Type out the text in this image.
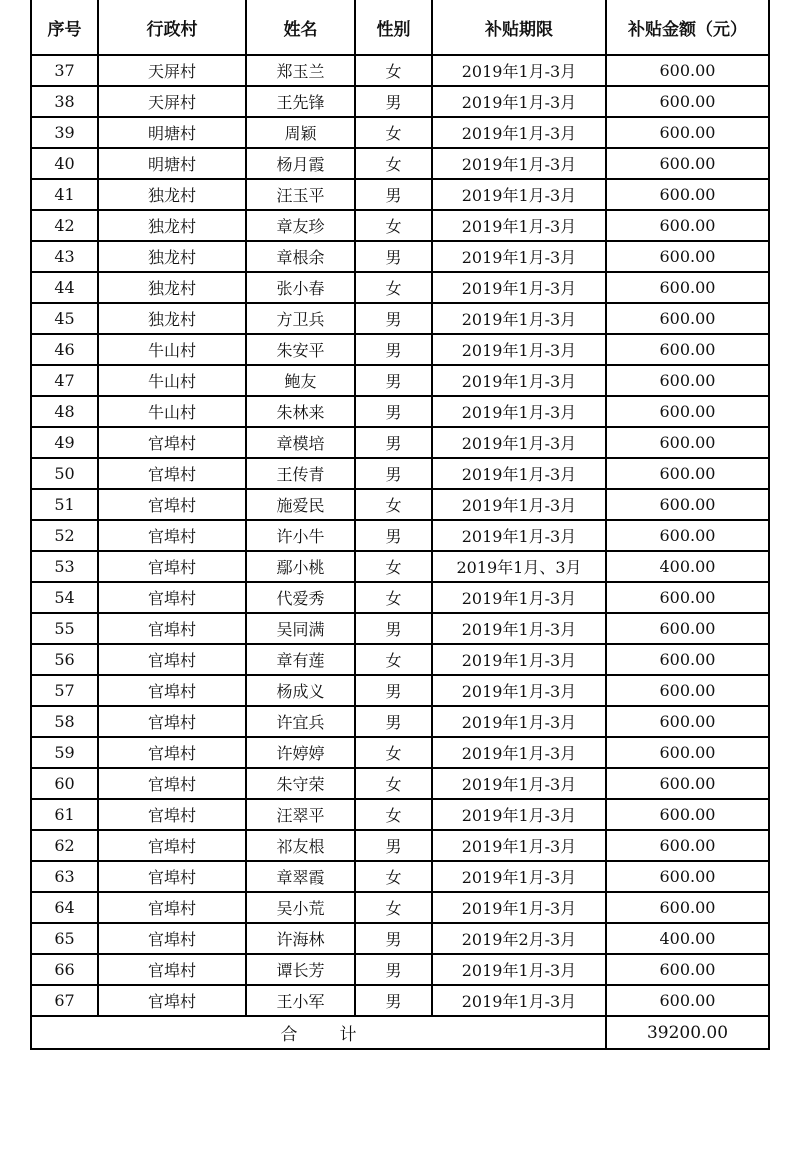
序号	行政村	姓名	性别	补贴期限	补贴金额（元）
37	天屏村	郑玉兰	女	2019年1月-3月	600.00
38	天屏村	王先锋	男	2019年1月-3月	600.00
39	明塘村	周颖	女	2019年1月-3月	600.00
40	明塘村	杨月霞	女	2019年1月-3月	600.00
41	独龙村	汪玉平	男	2019年1月-3月	600.00
42	独龙村	章友珍	女	2019年1月-3月	600.00
43	独龙村	章根余	男	2019年1月-3月	600.00
44	独龙村	张小春	女	2019年1月-3月	600.00
45	独龙村	方卫兵	男	2019年1月-3月	600.00
46	牛山村	朱安平	男	2019年1月-3月	600.00
47	牛山村	鲍友	男	2019年1月-3月	600.00
48	牛山村	朱林来	男	2019年1月-3月	600.00
49	官埠村	章模培	男	2019年1月-3月	600.00
50	官埠村	王传青	男	2019年1月-3月	600.00
51	官埠村	施爱民	女	2019年1月-3月	600.00
52	官埠村	许小牛	男	2019年1月-3月	600.00
53	官埠村	鄢小桃	女	2019年1月、3月	400.00
54	官埠村	代爱秀	女	2019年1月-3月	600.00
55	官埠村	吴同满	男	2019年1月-3月	600.00
56	官埠村	章有莲	女	2019年1月-3月	600.00
57	官埠村	杨成义	男	2019年1月-3月	600.00
58	官埠村	许宜兵	男	2019年1月-3月	600.00
59	官埠村	许婷婷	女	2019年1月-3月	600.00
60	官埠村	朱守荣	女	2019年1月-3月	600.00
61	官埠村	汪翠平	女	2019年1月-3月	600.00
62	官埠村	祁友根	男	2019年1月-3月	600.00
63	官埠村	章翠霞	女	2019年1月-3月	600.00
64	官埠村	吴小荒	女	2019年1月-3月	600.00
65	官埠村	许海林	男	2019年2月-3月	400.00
66	官埠村	谭长芳	男	2019年1月-3月	600.00
67	官埠村	王小军	男	2019年1月-3月	600.00
合计					39200.00
